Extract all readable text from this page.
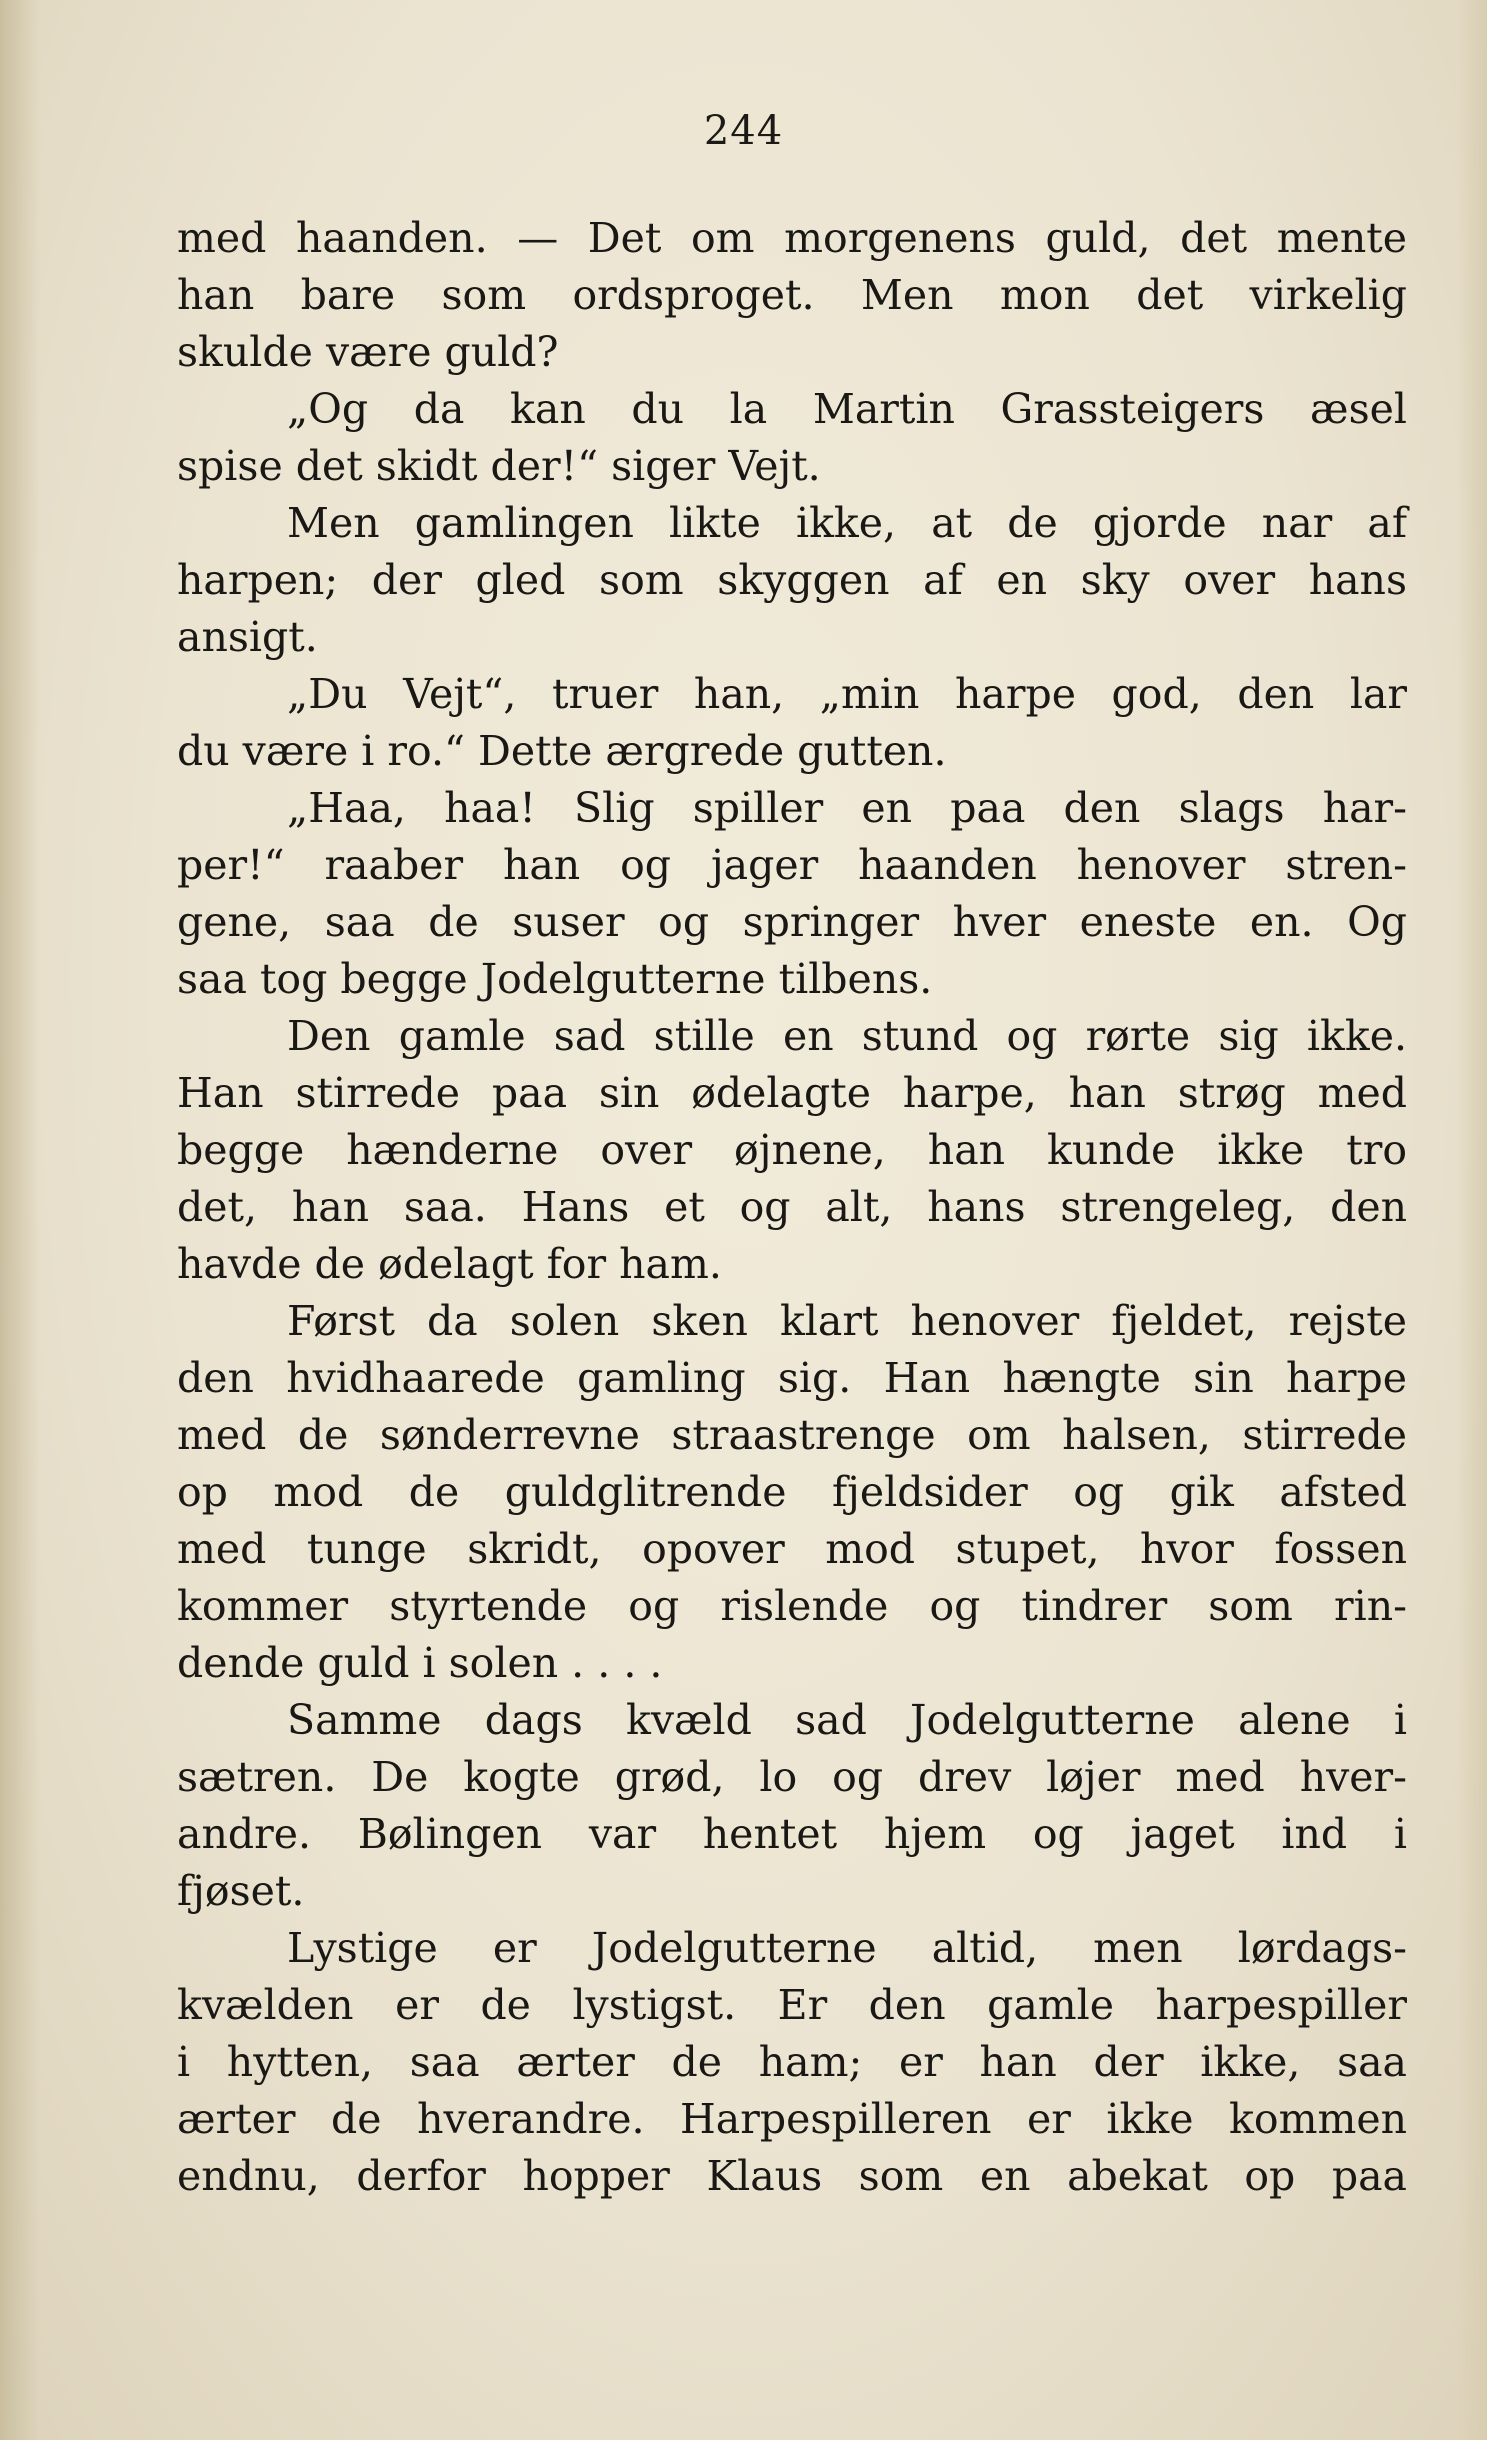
244
med haanden. — Det om morgenens guld, det mente
han bare som ordsproget. Men mon det virkelig
skulde være guld?
„Og da kan du la Martin Grassteigers æsel
spise det skidt der!“ siger Vejt.
Men gamlingen likte ikke, at de gjorde nar af
harpen; der gled som skyggen af en sky over hans
ansigt.
„Du Vejt“, truer han, „min harpe god, den lar
du være i ro.“ Dette ærgrede gutten.
„Haa, haa! Slig spiller en paa den slags har-
per!“ raaber han og jager haanden henover stren-
gene, saa de suser og springer hver eneste en. Og
saa tog begge Jodelgutterne tilbens.
Den gamle sad stille en stund og rørte sig ikke.
Han stirrede paa sin ødelagte harpe, han strøg med
begge hænderne over øjnene, han kunde ikke tro
det, han saa. Hans et og alt, hans strengeleg, den
havde de ødelagt for ham.
Først da solen sken klart henover fjeldet, rejste
den hvidhaarede gamling sig. Han hængte sin harpe
med de sønderrevne straastrenge om halsen, stirrede
op mod de guldglitrende fjeldsider og gik afsted
med tunge skridt, opover mod stupet, hvor fossen
kommer styrtende og rislende og tindrer som rin-
dende guld i solen . . . .
Samme dags kvæld sad Jodelgutterne alene i
sætren. De kogte grød, lo og drev løjer med hver-
andre. Bølingen var hentet hjem og jaget ind i
fjøset.
Lystige er Jodelgutterne altid, men lørdags-
kvælden er de lystigst. Er den gamle harpespiller
i hytten, saa ærter de ham; er han der ikke, saa
ærter de hverandre. Harpespilleren er ikke kommen
endnu, derfor hopper Klaus som en abekat op paa
